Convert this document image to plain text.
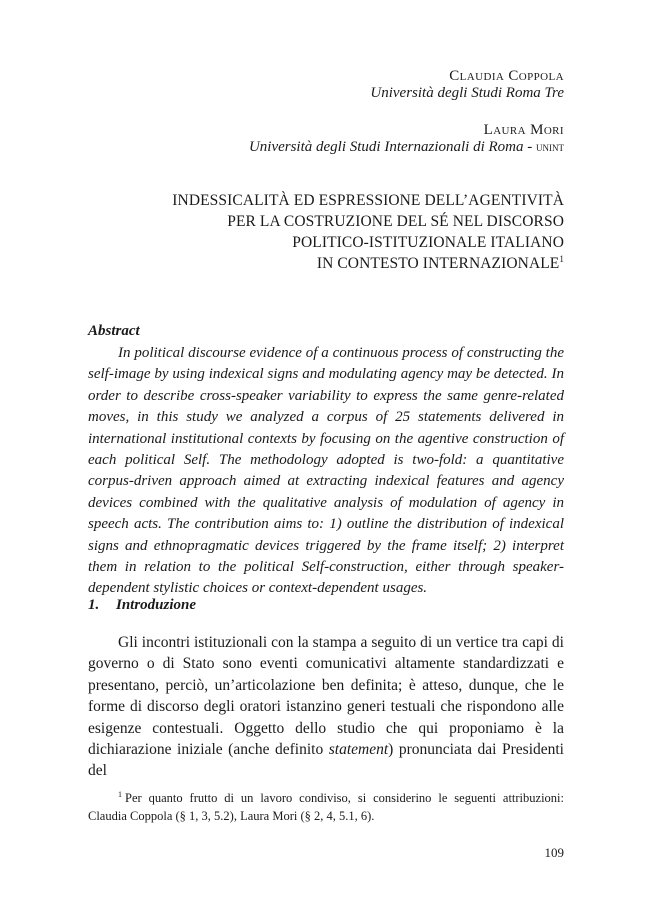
Claudia Coppola
Università degli Studi Roma Tre
Laura Mori
Università degli Studi Internazionali di Roma - unint
INDESSICALITÀ ED ESPRESSIONE DELL’AGENTIVITÀ
PER LA COSTRUZIONE DEL SÉ NEL DISCORSO
POLITICO-ISTITUZIONALE ITALIANO
IN CONTESTO INTERNAZIONALE$^1$
Abstract

In political discourse evidence of a continuous process of constructing the self-image by using indexical signs and modulating agency may be detected. In order to describe cross-speaker variability to express the same genre-related moves, in this study we analyzed a corpus of 25 statements delivered in international institutional contexts by focusing on the agentive construction of each political Self. The methodology adopted is two-fold: a quantitative corpus-driven approach aimed at extracting indexical features and agency devices combined with the qualitative analysis of modulation of agency in speech acts. The contribution aims to: 1) outline the distribution of indexical signs and ethnopragmatic devices triggered by the frame itself; 2) interpret them in relation to the political Self-construction, either through speaker-dependent stylistic choices or context-dependent usages.

1. Introduzione

Gli incontri istituzionali con la stampa a seguito di un vertice tra capi di governo o di Stato sono eventi comunicativi altamente standardizzati e presentano, perciò, un’articolazione ben definita; è atteso, dunque, che le forme di discorso degli oratori istanzino generi testuali che rispondono alle esigenze contestuali. Oggetto dello studio che qui proponiamo è la dichiarazione iniziale (anche definito statement) pronunciata dai Presidenti del

$^1$ Per quanto frutto di un lavoro condiviso, si considerino le seguenti attribuzioni: Claudia Coppola (§ 1, 3, 5.2), Laura Mori (§ 2, 4, 5.1, 6).

109
